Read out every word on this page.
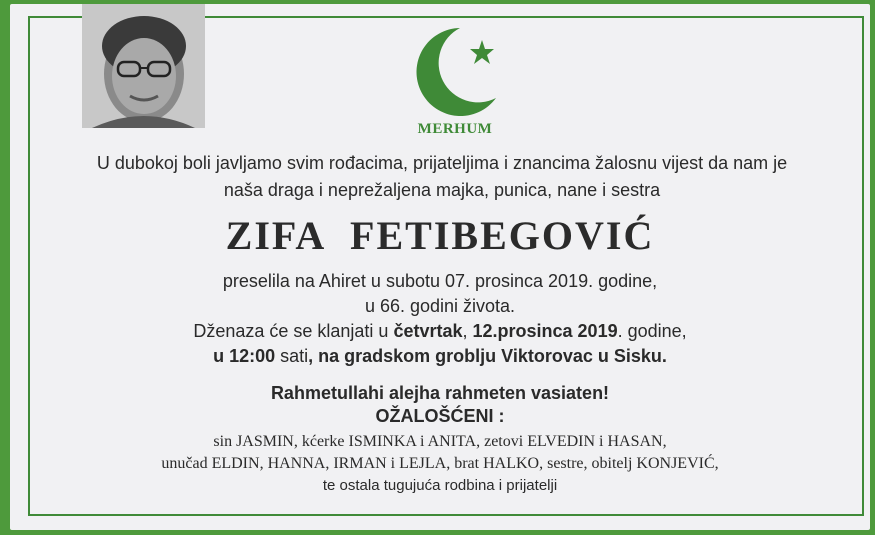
MERHUM
U dubokoj boli javljamo svim rođacima, prijateljima i znancima žalosnu vijest da nam je
naša draga i neprežaljena majka, punica, nane i sestra
ZIFA FETIBEGOVIĆ
preselila na Ahiret u subotu 07. prosinca 2019. godine,
u 66. godini života.
Dženaza će se klanjati u četvrtak, 12.prosinca 2019. godine,
u 12:00 sati, na gradskom groblju Viktorovac u Sisku.
Rahmetullahi alejha rahmeten vasiaten!
OŽALOŠĆENI :
sin JASMIN, kćerke ISMINKA i ANITA, zetovi ELVEDIN i HASAN,
unučad ELDIN, HANNA, IRMAN i LEJLA, brat HALKO, sestre, obitelj KONJEVIĆ,
te ostala tugujuća rodbina i prijatelji
